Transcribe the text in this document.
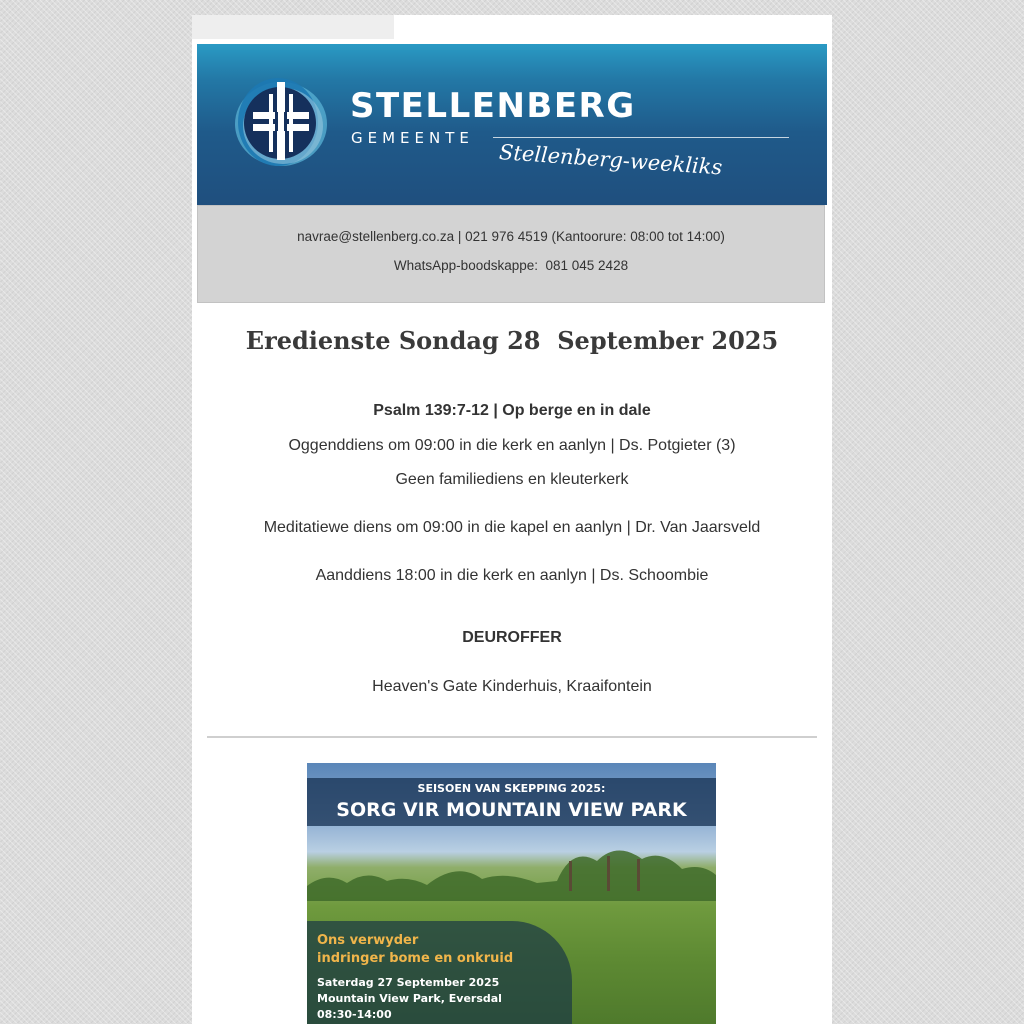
STELLENBERG
GEMEENTE
Stellenberg-weekliks
navrae@stellenberg.co.za | 021 976 4519 (Kantoorure: 08:00 tot 14:00)
WhatsApp-boodskappe:  081 045 2428
Eredienste Sondag 28  September 2025
Psalm 139:7-12 | Op berge en in dale
Oggenddiens om 09:00 in die kerk en aanlyn | Ds. Potgieter (3)
Geen familiediens en kleuterkerk
Meditatiewe diens om 09:00 in die kapel en aanlyn | Dr. Van Jaarsveld
Aanddiens 18:00 in die kerk en aanlyn | Ds. Schoombie
DEUROFFER
Heaven's Gate Kinderhuis, Kraaifontein
SEISOEN VAN SKEPPING 2025:
SORG VIR MOUNTAIN VIEW PARK
Ons verwyder
indringer bome en onkruid
Saterdag 27 September 2025
Mountain View Park, Eversdal
08:30-14:00
